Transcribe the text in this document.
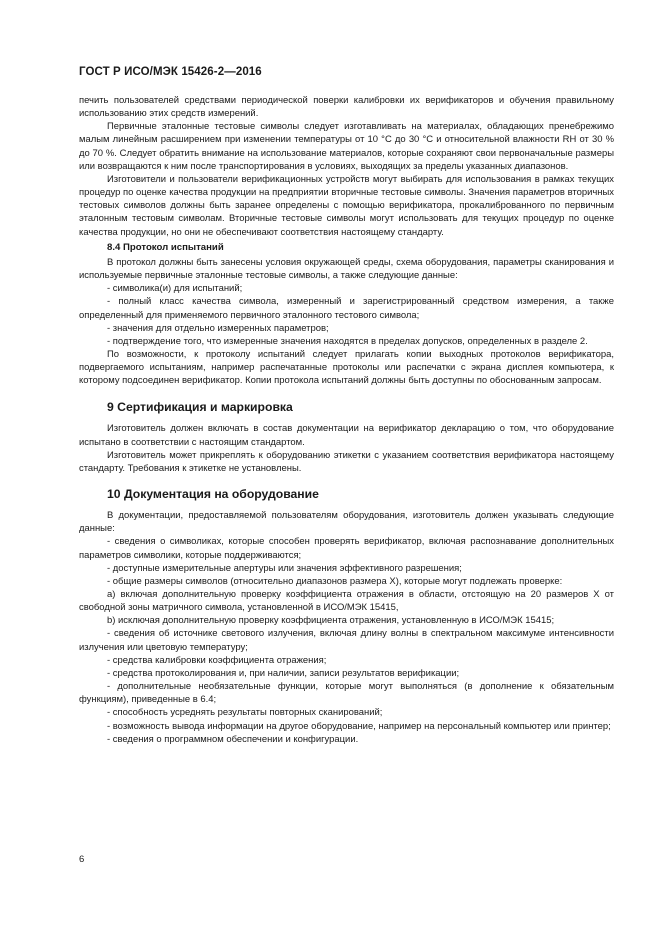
ГОСТ Р ИСО/МЭК 15426-2—2016

печить пользователей средствами периодической поверки калибровки их верификаторов и обучения правильному использованию этих средств измерений.

Первичные эталонные тестовые символы следует изготавливать на материалах, обладающих пренебрежимо малым линейным расширением при изменении температуры от 10 °С до 30 °С и относительной влажности RH от 30 % до 70 %. Следует обратить внимание на использование материалов, которые сохраняют свои первоначальные размеры или возвращаются к ним после транспортирования в условиях, выходящих за пределы указанных диапазонов.

Изготовители и пользователи верификационных устройств могут выбирать для использования в рамках текущих процедур по оценке качества продукции на предприятии вторичные тестовые символы. Значения параметров вторичных тестовых символов должны быть заранее определены с помощью верификатора, прокалиброванного по первичным эталонным тестовым символам. Вторичные тестовые символы могут использовать для текущих процедур по оценке качества продукции, но они не обеспечивают соответствия настоящему стандарту.

8.4 Протокол испытаний

В протокол должны быть занесены условия окружающей среды, схема оборудования, параметры сканирования и используемые первичные эталонные тестовые символы, а также следующие данные:

- символика(и) для испытаний;

- полный класс качества символа, измеренный и зарегистрированный средством измерения, а также определенный для применяемого первичного эталонного тестового символа;

- значения для отдельно измеренных параметров;

- подтверждение того, что измеренные значения находятся в пределах допусков, определенных в разделе 2.

По возможности, к протоколу испытаний следует прилагать копии выходных протоколов верификатора, подвергаемого испытаниям, например распечатанные протоколы или распечатки с экрана дисплея компьютера, к которому подсоединен верификатор. Копии протокола испытаний должны быть доступны по обоснованным запросам.

9 Сертификация и маркировка

Изготовитель должен включать в состав документации на верификатор декларацию о том, что оборудование испытано в соответствии с настоящим стандартом.

Изготовитель может прикреплять к оборудованию этикетки с указанием соответствия верификатора настоящему стандарту. Требования к этикетке не установлены.

10 Документация на оборудование

В документации, предоставляемой пользователям оборудования, изготовитель должен указывать следующие данные:

- сведения о символиках, которые способен проверять верификатор, включая распознавание дополнительных параметров символики, которые поддерживаются;

- доступные измерительные апертуры или значения эффективного разрешения;

- общие размеры символов (относительно диапазонов размера X), которые могут подлежать проверке:

a) включая дополнительную проверку коэффициента отражения в области, отстоящую на 20 размеров X от свободной зоны матричного символа, установленной в ИСО/МЭК 15415,

b) исключая дополнительную проверку коэффициента отражения, установленную в ИСО/МЭК 15415;

- сведения об источнике светового излучения, включая длину волны в спектральном максимуме интенсивности излучения или цветовую температуру;

- средства калибровки коэффициента отражения;

- средства протоколирования и, при наличии, записи результатов верификации;

- дополнительные необязательные функции, которые могут выполняться (в дополнение к обязательным функциям), приведенные в 6.4;

- способность усреднять результаты повторных сканирований;

- возможность вывода информации на другое оборудование, например на персональный компьютер или принтер;

- сведения о программном обеспечении и конфигурации.

6
